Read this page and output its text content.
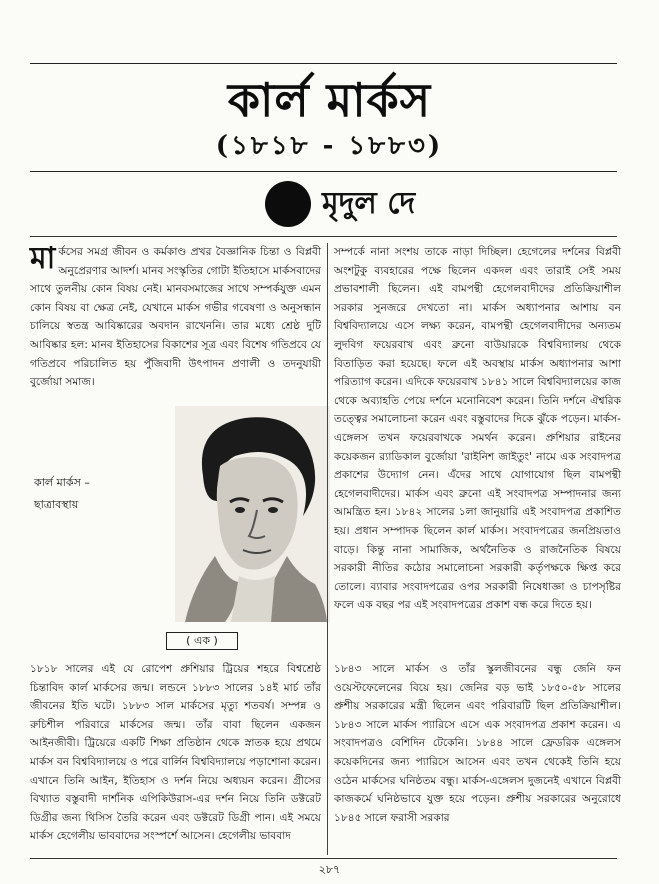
কার্ল মার্কস
(১৮১৮ - ১৮৮৩)
মৃদুল দে

মার্কসের সমগ্র জীবন ও কর্মকাণ্ড প্রখর বৈজ্ঞানিক চিন্তা ও বিপ্লবী অনুপ্রেরণার আদর্শ। মানব সংস্কৃতির গোটা ইতিহাসে মার্কসবাদের সাথে তুলনীয় কোন বিষয় নেই। মানবসমাজের সাথে সম্পর্কযুক্ত এমন কোন বিষয় বা ক্ষেত্র নেই, যেখানে মার্কস গভীর গবেষণা ও অনুসন্ধান চালিয়ে স্বতন্ত্র আবিষ্কারের অবদান রাখেননি। তার মধ্যে শ্রেষ্ঠ দুটি আবিষ্কার হল: মানব ইতিহাসের বিকাশের সূত্র এবং বিশেষ গতিপ্রবে যে গতিপ্রবে পরিচালিত হয় পুঁজিবাদী উৎপাদন প্রণালী ও তদনুযায়ী বুর্জোয়া সমাজ।

কার্ল মার্কস –
ছাত্রাবস্থায়
( এক )

১৮১৮ সালের এই যে রোপেশ প্রুশিয়ার ট্রিয়ের শহরে বিশ্বশ্রেষ্ঠ চিন্তাবিদ কার্ল মার্কসের জন্ম। লন্ডনে ১৮৮৩ সালের ১৪ই মার্চ তাঁর জীবনের ইতি ঘটে। ১৮৮৩ সাল মার্কসের মৃত্যু শতবর্ষ। সম্পন্ন ও রুচিশীল পরিবারে মার্কসের জন্ম। তাঁর বাবা ছিলেন একজন আইনজীবী। ট্রিয়েরে একটি শিক্ষা প্রতিষ্ঠান থেকে স্নাতক হয়ে প্রথমে মার্কস বন বিশ্ববিদ্যালয়ে ও পরে বার্লিন বিশ্ববিদ্যালয়ে পড়াশোনা করেন। এখানে তিনি আইন, ইতিহাস ও দর্শন নিয়ে অধ্যয়ন করেন। গ্রীসের বিখ্যাত বস্তুবাদী দার্শনিক এপিকিউরাস-এর দর্শন নিয়ে তিনি ডক্টরেট ডিগ্রীর জন্য থিসিস তৈরি করেন এবং ডক্টরেট ডিগ্রী পান। এই সময়ে মার্কস হেগেলীয় ভাববাদের সংস্পর্শে আসেন। হেগেলীয় ভাববাদ

সম্পর্কে নানা সংশয় তাকে নাড়া দিচ্ছিল। হেগেলের দর্শনের বিপ্লবী অংশটুকু ব্যবহারের পক্ষে ছিলেন একদল এবং তারাই সেই সময় প্রভাবশালী ছিলেন। এই বামপন্থী হেগেলবাদীদের প্রতিক্রিয়াশীল সরকার সুনজরে দেখতো না। মার্কস অধ্যাপনার আশায় বন বিশ্ববিদ্যালয়ে এসে লক্ষ্য করেন, বামপন্থী হেগেলবাদীদের অন্যতম লুদবিগ ফয়েরবাখ এবং ব্রুনো বাউয়ারকে বিশ্ববিদ্যালয় থেকে বিতাড়িত করা হয়েছে। ফলে এই অবস্থায় মার্কস অধ্যাপনার আশা পরিত্যাগ করেন। এদিকে ফয়েরবাখ ১৮৪১ সালে বিশ্ববিদ্যালয়ের কাজ থেকে অব্যাহতি পেয়ে দর্শনে মনোনিবেশ করেন। তিনি দর্শনে ঐশ্বরিক তত্ত্বের সমালোচনা করেন এবং বস্তুবাদের দিকে ঝুঁকে পড়েন। মার্কস-এঙ্গেলস তখন ফয়েরবাখকে সমর্থন করেন। প্রুশিয়ার রাইনের কয়েকজন র‍্যাডিকাল বুর্জোয়া 'রাইনিশ জাইতুং' নামে এক সংবাদপত্র প্রকাশের উদ্যোগ নেন। এঁদের সাথে যোগাযোগ ছিল বামপন্থী হেগেলবাদীদের। মার্কস এবং ব্রুনো এই সংবাদপত্র সম্পাদনার জন্য আমন্ত্রিত হন। ১৮৪২ সালের ১লা জানুয়ারি এই সংবাদপত্র প্রকাশিত হয়। প্রধান সম্পাদক ছিলেন কার্ল মার্কস। সংবাদপত্রের জনপ্রিয়তাও বাড়ে। কিন্তু নানা সামাজিক, অর্থনৈতিক ও রাজনৈতিক বিষয়ে সরকারী নীতির কঠোর সমালোচনা সরকারী কর্তৃপক্ষকে ক্ষিপ্ত করে তোলে। ব্যাবার সংবাদপত্রের ওপর সরকারী নিষেধাজ্ঞা ও চাপসৃষ্টির ফলে এক বছর পর এই সংবাদপত্রের প্রকাশ বন্ধ করে দিতে হয়।

১৮৪৩ সালে মার্কস ও তাঁর স্কুলজীবনের বন্ধু জেনি ফন ওয়েস্টফেলেনের বিয়ে হয়। জেনির বড় ভাই ১৮৫০-৫৮ সালের প্রুশীয় সরকারের মন্ত্রী ছিলেন এবং পরিবারটি ছিল প্রতিক্রিয়াশীল। ১৮৪৩ সালে মার্কস প্যারিসে এসে এক সংবাদপত্র প্রকাশ করেন। এ সংবাদপত্রও বেশিদিন টেকেনি। ১৮৪৪ সালে ফ্রেডরিক এঙ্গেলস কয়েকদিনের জন্য প্যারিসে আসেন এবং তখন থেকেই তিনি হয়ে ওঠেন মার্কসের ঘনিষ্ঠতম বন্ধু। মার্কস-এঙ্গেলস দুজনেই এখানে বিপ্লবী কাজকর্মে ঘনিষ্ঠভাবে যুক্ত হয়ে পড়েন। প্রুশীয় সরকারের অনুরোধে ১৮৪৫ সালে ফরাসী সরকার

২৮৭
